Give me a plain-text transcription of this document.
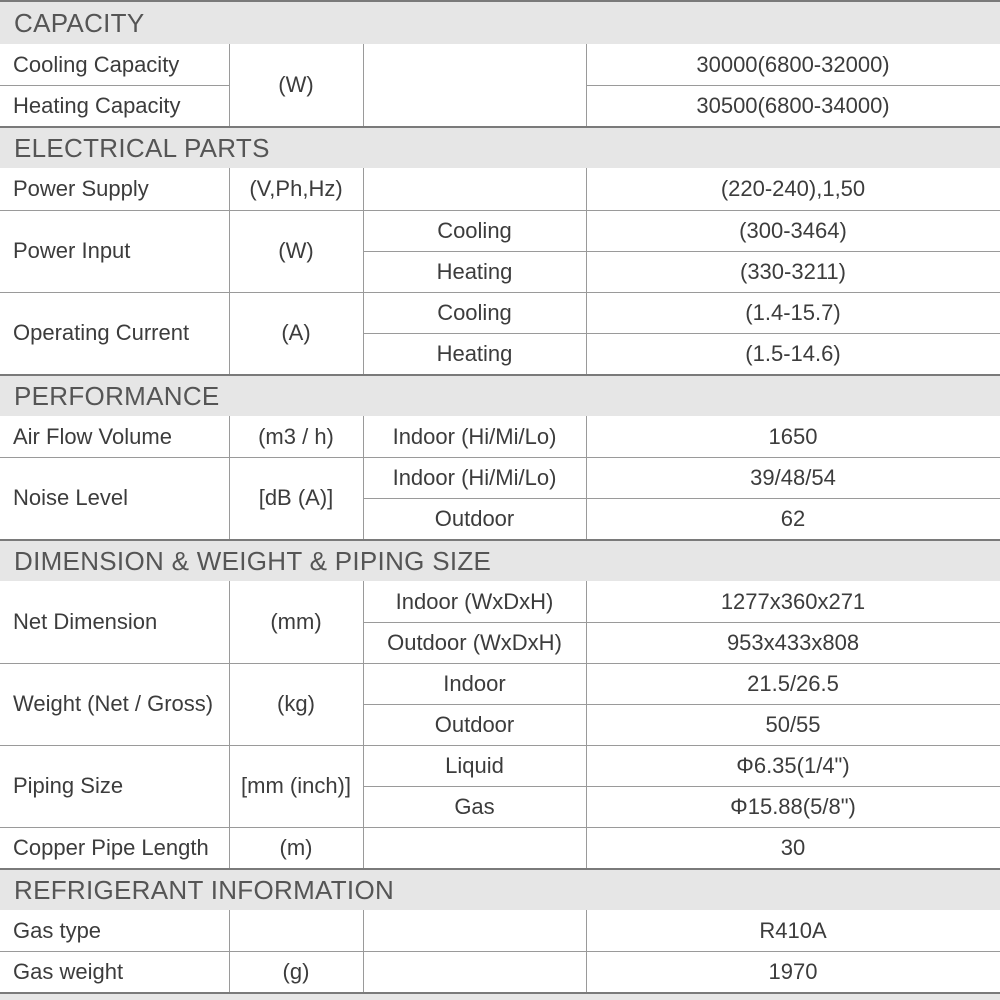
CAPACITY
Cooling Capacity
Heating Capacity
(W)
30000(6800-32000)
30500(6800-34000)
ELECTRICAL PARTS
Power Supply
Power Input
Operating Current
(V,Ph,Hz)
(W)
(A)
Cooling
Heating
Cooling
Heating
(220-240),1,50
(300-3464)
(330-3211)
(1.4-15.7)
(1.5-14.6)
PERFORMANCE
Air Flow Volume
Noise Level
(m3 / h)
[dB (A)]
Indoor (Hi/Mi/Lo)
Indoor (Hi/Mi/Lo)
Outdoor
1650
39/48/54
62
DIMENSION & WEIGHT & PIPING SIZE
Net Dimension
Weight (Net / Gross)
Piping Size
Copper Pipe Length
(mm)
(kg)
[mm (inch)]
(m)
Indoor (WxDxH)
Outdoor (WxDxH)
Indoor
Outdoor
Liquid
Gas
1277x360x271
953x433x808
21.5/26.5
50/55
Φ6.35(1/4")
Φ15.88(5/8")
30
REFRIGERANT INFORMATION
Gas type
Gas weight	(g)
R410A
1970
